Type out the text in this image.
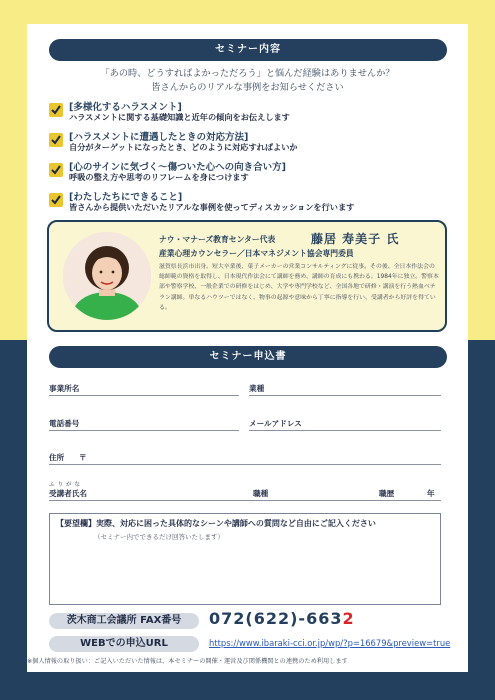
セミナー内容
「あの時、どうすればよかっただろう」と悩んだ経験はありませんか？
皆さんからのリアルな事例をお知らせください
[多様化するハラスメント]
ハラスメントに関する基礎知識と近年の傾向をお伝えします
[ハラスメントに遭遇したときの対応方法]
自分がターゲットになったとき、どのように対応すればよいか
[心のサインに気づく～傷ついた心への向き合い方]
呼吸の整え方や思考のリフレームを身につけます
[わたしたちにできること]
皆さんから提供いただいたリアルな事例を使ってディスカッションを行います
ナウ・マナーズ教育センター代表	藤居 寿美子 氏
産業心理カウンセラー／日本マネジメント協会専門委員
滋賀県長浜市出身。短大卒業後、菓子メーカーの営業コンサルティングに従事。その後、全日本作法会の総師範の資格を取得し、日本現代作法会にて講師を務め、講師の育成にも携わる。1984年に独立。警察本部や警察学校、一般企業での研修をはじめ、大学や専門学校など、全国各地で研修・講演を行う熱血ベテラン講師。単なるハウツーではなく、物事の起源や意味から丁寧に指導を行い、受講者から好評を得ている。
セミナー申込書
事業所名	業種
電話番号	メールアドレス
住所 〒
ふりがな
受講者氏名	職種	職歴	年
【要望欄】実際、対応に困った具体的なシーンや講師への質問など自由にご記入ください
（セミナー内でできるだけ回答いたします）
茨木商工会議所 FAX番号	072(622)-6632
WEBでの申込URL	https://www.ibaraki-cci.or.jp/wp/?p=16679&preview=true
※個人情報の取り扱い：ご記入いただいた情報は、本セミナーの開催・運営及び関係機関との連携のため利用します
